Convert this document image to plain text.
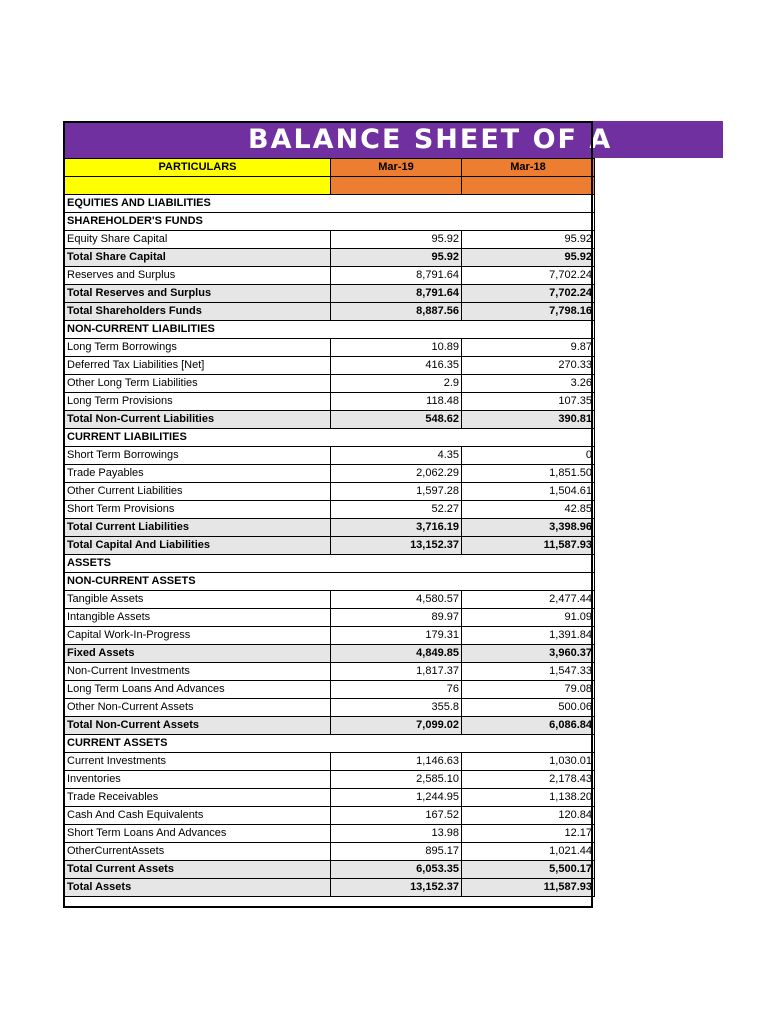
BALANCE SHEET OF A
PARTICULARS	Mar-19	Mar-18

EQUITIES AND LIABILITIES		
SHAREHOLDER'S FUNDS		
Equity Share Capital	95.92	95.92
Total Share Capital	95.92	95.92
Reserves and Surplus	8,791.64	7,702.24
Total Reserves and Surplus	8,791.64	7,702.24
Total Shareholders Funds	8,887.56	7,798.16
NON-CURRENT LIABILITIES		
Long Term Borrowings	10.89	9.87
Deferred Tax Liabilities [Net]	416.35	270.33
Other Long Term Liabilities	2.9	3.26
Long Term Provisions	118.48	107.35
Total Non-Current Liabilities	548.62	390.81
CURRENT LIABILITIES		
Short Term Borrowings	4.35	0
Trade Payables	2,062.29	1,851.50
Other Current Liabilities	1,597.28	1,504.61
Short Term Provisions	52.27	42.85
Total Current Liabilities	3,716.19	3,398.96
Total Capital And Liabilities	13,152.37	11,587.93
ASSETS		
NON-CURRENT ASSETS		
Tangible Assets	4,580.57	2,477.44
Intangible Assets	89.97	91.09
Capital Work-In-Progress	179.31	1,391.84
Fixed Assets	4,849.85	3,960.37
Non-Current Investments	1,817.37	1,547.33
Long Term Loans And Advances	76	79.08
Other Non-Current Assets	355.8	500.06
Total Non-Current Assets	7,099.02	6,086.84
CURRENT ASSETS		
Current Investments	1,146.63	1,030.01
Inventories	2,585.10	2,178.43
Trade Receivables	1,244.95	1,138.20
Cash And Cash Equivalents	167.52	120.84
Short Term Loans And Advances	13.98	12.17
OtherCurrentAssets	895.17	1,021.44
Total Current Assets	6,053.35	5,500.17
Total Assets	13,152.37	11,587.93
